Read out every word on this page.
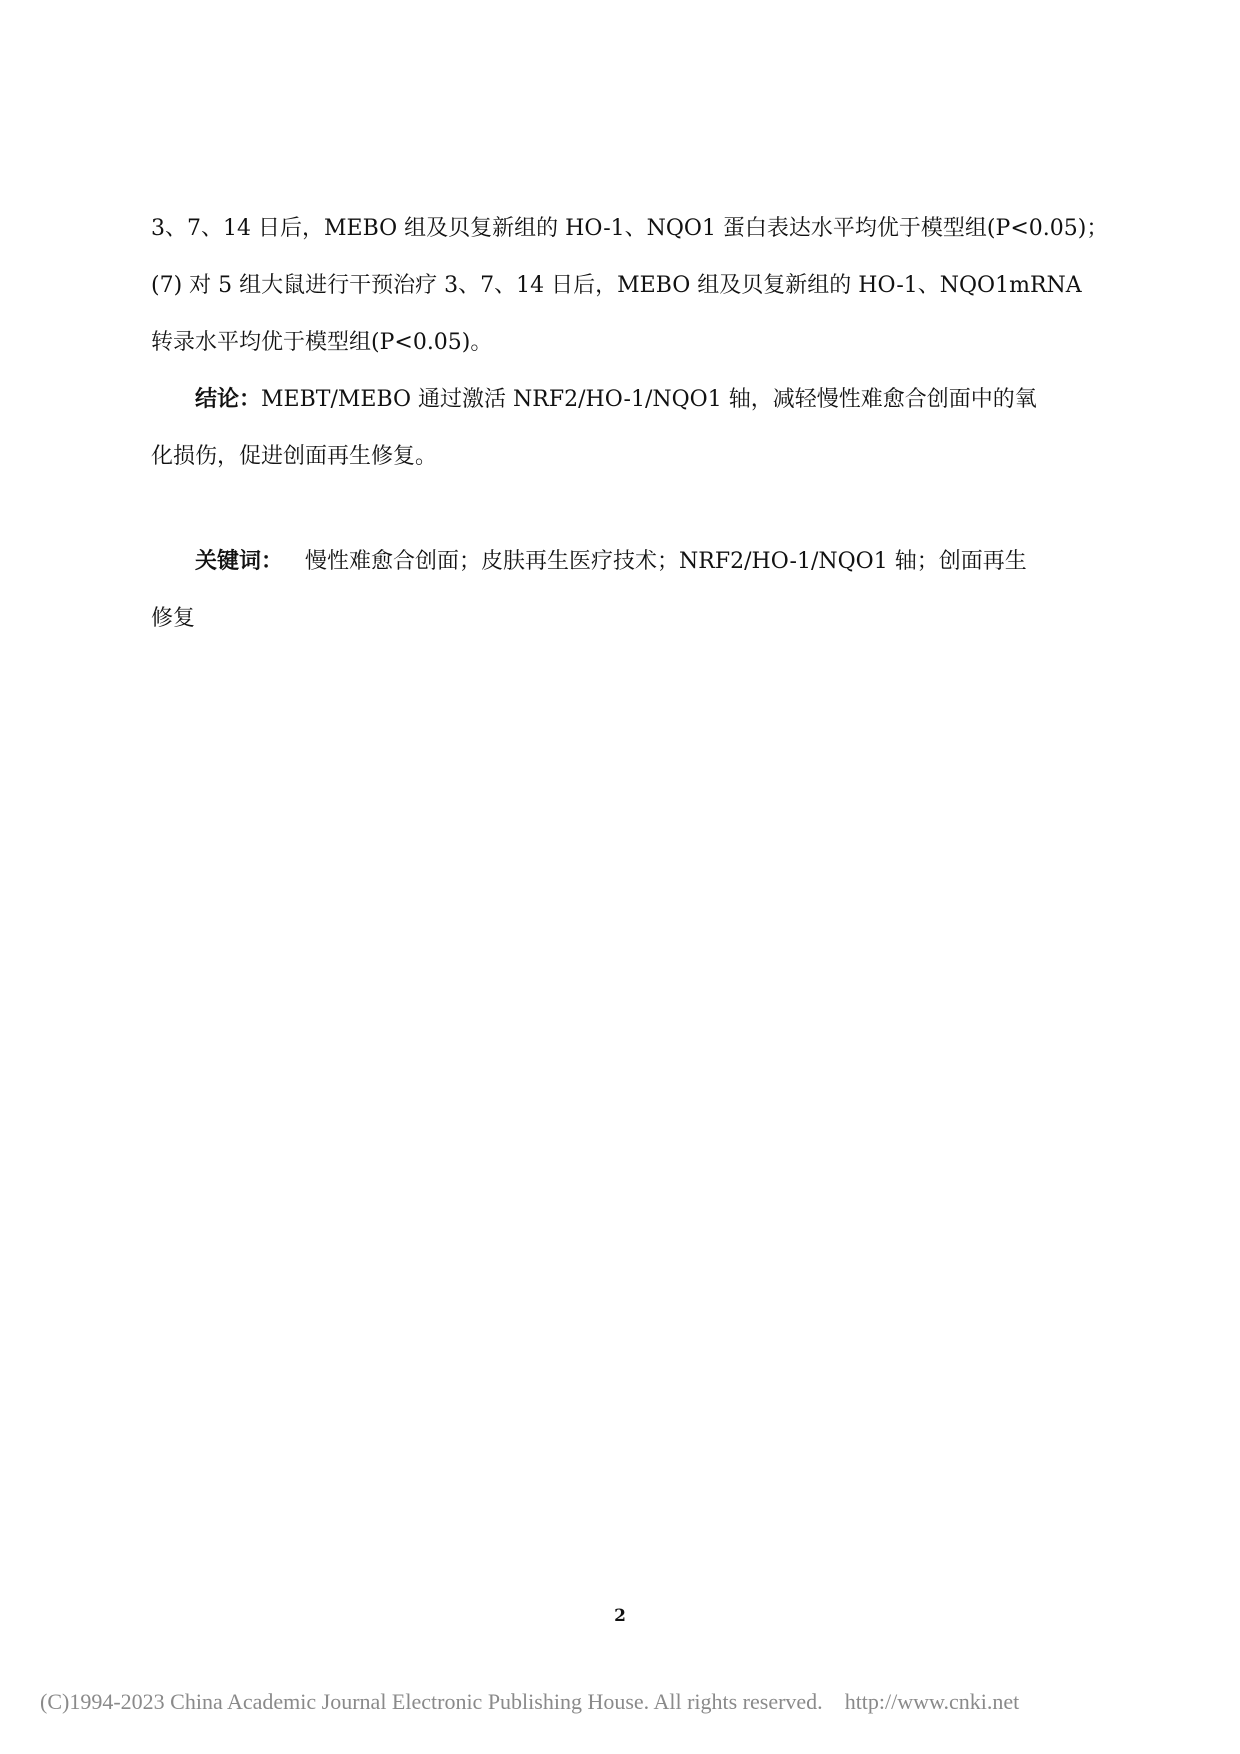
3、7、14 日后，MEBO 组及贝复新组的 HO-1、NQO1 蛋白表达水平均优于模型组(P<0.05)；
(7) 对 5 组大鼠进行干预治疗 3、7、14 日后，MEBO 组及贝复新组的 HO-1、NQO1mRNA
转录水平均优于模型组(P<0.05)。
结论：MEBT/MEBO 通过激活 NRF2/HO-1/NQO1 轴，减轻慢性难愈合创面中的氧
化损伤，促进创面再生修复。
关键词： 慢性难愈合创面；皮肤再生医疗技术；NRF2/HO-1/NQO1 轴；创面再生
修复
2
(C)1994-2023 China Academic Journal Electronic Publishing House. All rights reserved. http://www.cnki.net
